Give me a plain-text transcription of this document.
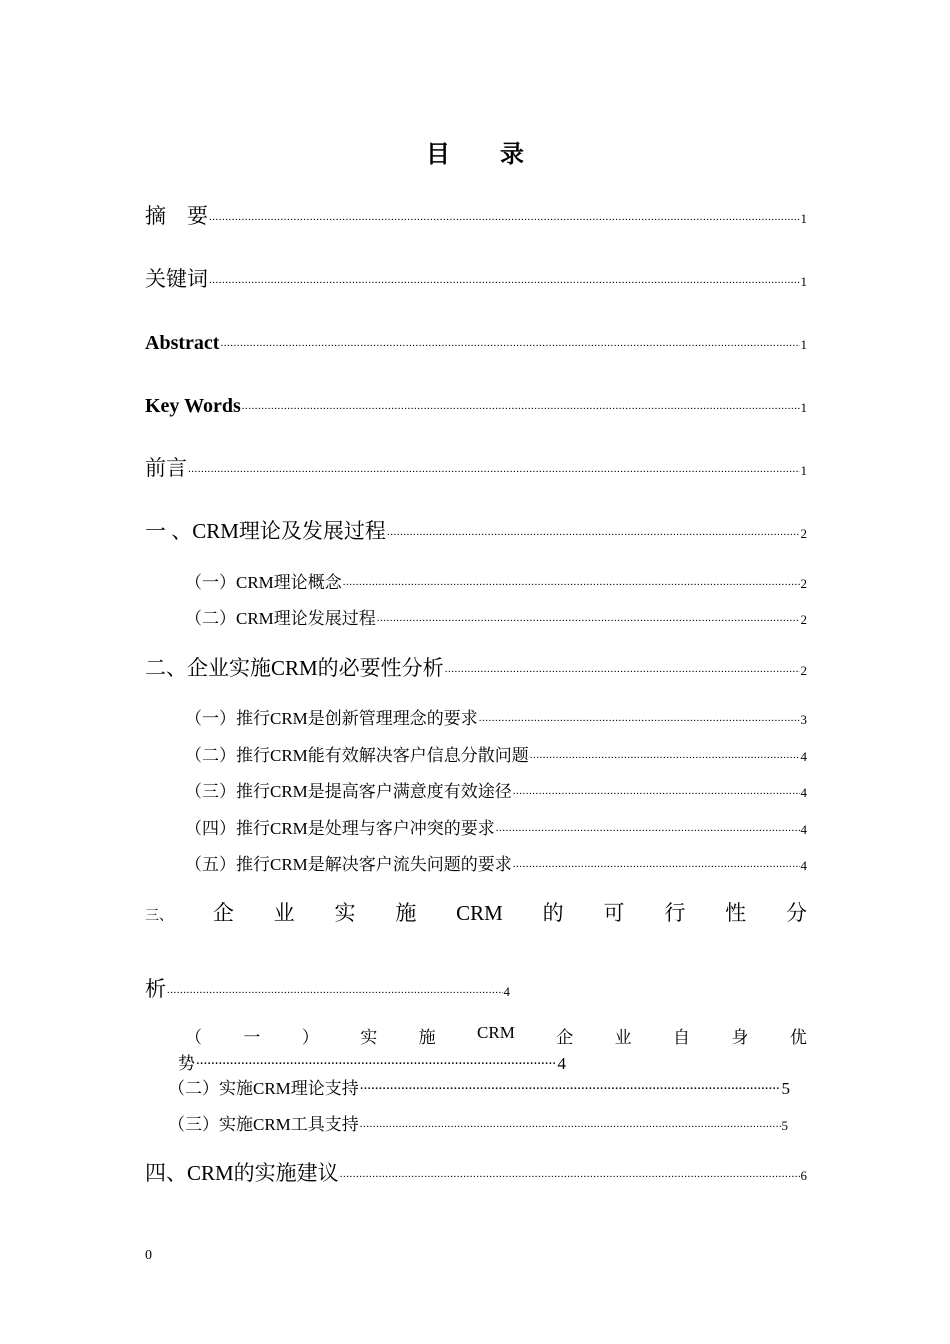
目 录
摘    要 .....	1
关键词 .....	1
Abstract .....	1
Key Words .....	1
前言 .....	1
一 、CRM理论及发展过程 .....	2
（一）CRM理论概念 .....	2
（二）CRM理论发展过程 .....	2
二、企业实施CRM的必要性分析 .....	2
（一）推行CRM是创新管理理念的要求 .....	3
（二）推行CRM能有效解决客户信息分散问题 .....	4
（三）推行CRM是提高客户满意度有效途径 .....	4
（四）推行CRM是处理与客户冲突的要求 .....	4
（五）推行CRM是解决客户流失问题的要求 .....	4
三、 企 业 实 施 CRM 的 可 行 性 分
析 .....	4
（ 一 ） 实 施 CRM 企 业 自 身 优
势 .....	4
（二）实施CRM理论支持 .....	5
（三）实施CRM工具支持 .....	5
四、CRM的实施建议 .....	6
0
